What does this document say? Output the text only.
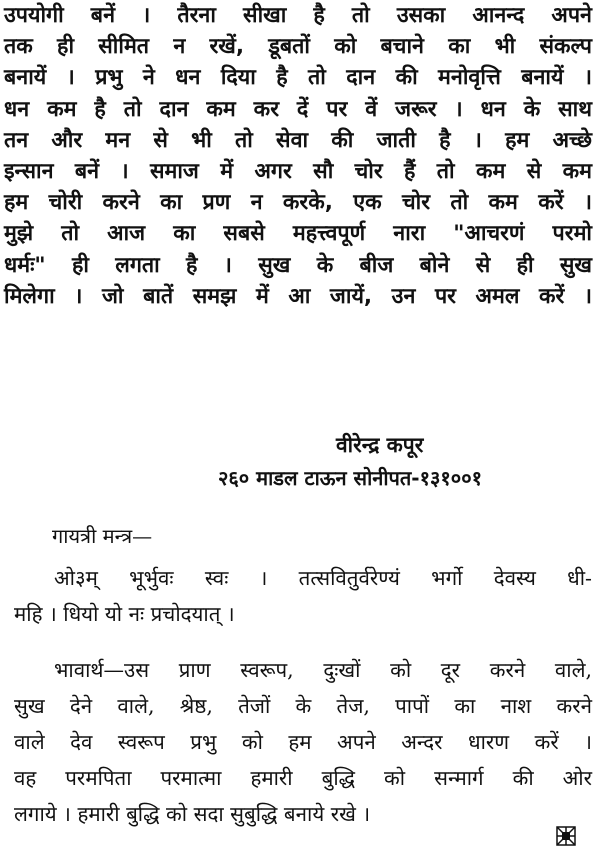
उपयोगी बनें । तैरना सीखा है तो उसका आनन्द अपने
तक ही सीमित न रखें, डूबतों को बचाने का भी संकल्प
बनायें । प्रभु ने धन दिया है तो दान की मनोवृत्ति बनायें ।
धन कम है तो दान कम कर दें पर वें जरूर । धन के साथ
तन और मन से भी तो सेवा की जाती है । हम अच्छे
इन्सान बनें । समाज में अगर सौ चोर हैं तो कम से कम
हम चोरी करने का प्रण न करके, एक चोर तो कम करें ।
मुझे तो आज का सबसे महत्त्वपूर्ण नारा "आचरणं परमो
धर्मः" ही लगता है । सुख के बीज बोने से ही सुख
मिलेगा । जो बातें समझ में आ जायें, उन पर अमल करें ।
वीरेन्द्र कपूर
२६० माडल टाऊन सोनीपत-१३१००१
गायत्री मन्त्र—
ओ३म् भूर्भुवः स्वः । तत्सवितुर्वरेण्यं भर्गो देवस्य धी-
महि । धियो यो नः प्रचोदयात् ।
भावार्थ—उस प्राण स्वरूप, दुःखों को दूर करने वाले,
सुख देने वाले, श्रेष्ठ, तेजों के तेज, पापों का नाश करने
वाले देव स्वरूप प्रभु को हम अपने अन्दर धारण करें ।
वह परमपिता परमात्मा हमारी बुद्धि को सन्मार्ग की ओर
लगाये । हमारी बुद्धि को सदा सुबुद्धि बनाये रखे ।
